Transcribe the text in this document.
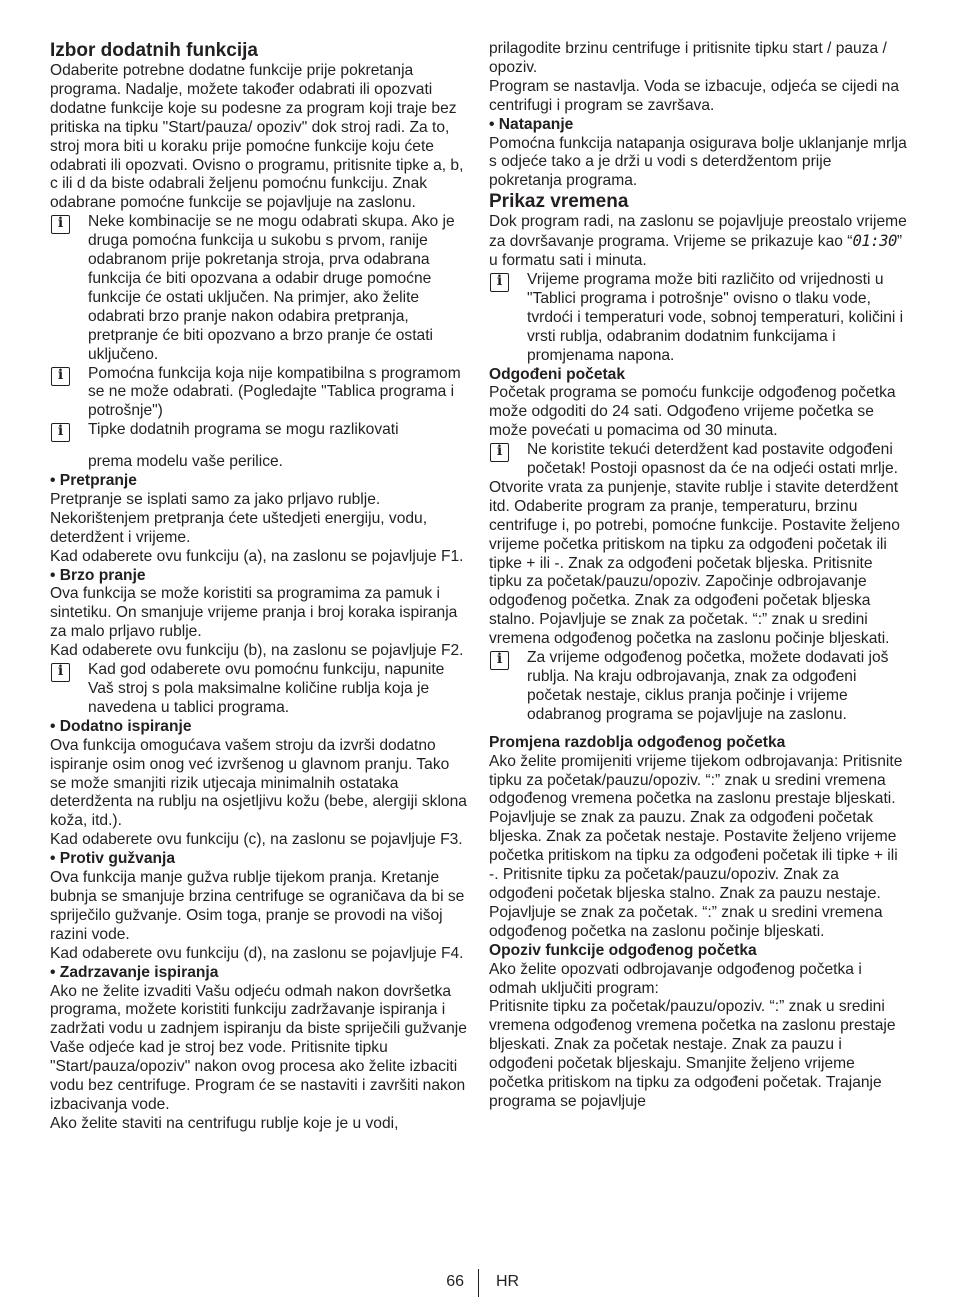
Izbor dodatnih funkcija

Odaberite potrebne dodatne funkcije prije pokretanja programa. Nadalje, možete također odabrati ili opozvati dodatne funkcije koje su podesne za program koji traje bez pritiska na tipku "Start/pauza/ opoziv" dok stroj radi. Za to, stroj mora biti u koraku prije pomoćne funkcije koju ćete odabrati ili opozvati. Ovisno o programu, pritisnite tipke a, b, c ili d da biste odabrali željenu pomoćnu funkciju. Znak odabrane pomoćne funkcije se pojavljuje na zaslonu.

i
Neke kombinacije se ne mogu odabrati skupa. Ako je druga pomoćna funkcija u sukobu s prvom, ranije odabranom prije pokretanja stroja, prva odabrana funkcija će biti opozvana a odabir druge pomoćne funkcije će ostati uključen. Na primjer, ako želite odabrati brzo pranje nakon odabira pretpranja, pretpranje će biti opozvano a brzo pranje će ostati uključeno.
i
Pomoćna funkcija koja nije kompatibilna s programom se ne može odabrati. (Pogledajte "Tablica programa i potrošnje")
i
Tipke dodatnih programa se mogu razlikovati

prema modelu vaše perilice.

• Pretpranje

Pretpranje se isplati samo za jako prljavo rublje. Nekorištenjem pretpranja ćete uštedjeti energiju, vodu, deterdžent i vrijeme.

Kad odaberete ovu funkciju (a), na zaslonu se pojavljuje F1.

• Brzo pranje

Ova funkcija se može koristiti sa programima za pamuk i sintetiku. On smanjuje vrijeme pranja i broj koraka ispiranja za malo prljavo rublje.

Kad odaberete ovu funkciju (b), na zaslonu se pojavljuje F2.

i
Kad god odaberete ovu pomoćnu funkciju, napunite Vaš stroj s pola maksimalne količine rublja koja je navedena u tablici programa.

• Dodatno ispiranje

Ova funkcija omogućava vašem stroju da izvrši dodatno ispiranje osim onog već izvršenog u glavnom pranju. Tako se može smanjiti rizik utjecaja minimalnih ostataka deterdženta na rublju na osjetljivu kožu (bebe, alergiji sklona koža, itd.).

Kad odaberete ovu funkciju (c), na zaslonu se pojavljuje F3.

• Protiv gužvanja

Ova funkcija manje gužva rublje tijekom pranja. Kretanje bubnja se smanjuje brzina centrifuge se ograničava da bi se spriječilo gužvanje. Osim toga, pranje se provodi na višoj razini vode.

Kad odaberete ovu funkciju (d), na zaslonu se pojavljuje F4.

• Zadrzavanje ispiranja

Ako ne želite izvaditi Vašu odjeću odmah nakon dovršetka programa, možete koristiti funkciju zadržavanje ispiranja i zadržati vodu u zadnjem ispiranju da biste spriječili gužvanje Vaše odjeće kad je stroj bez vode. Pritisnite tipku "Start/pauza/opoziv" nakon ovog procesa ako želite izbaciti vodu bez centrifuge. Program će se nastaviti i završiti nakon izbacivanja vode.

Ako želite staviti na centrifugu rublje koje je u vodi,

prilagodite brzinu centrifuge i pritisnite tipku start / pauza / opoziv.

Program se nastavlja. Voda se izbacuje, odjeća se cijedi na centrifugi i program se završava.

• Natapanje

Pomoćna funkcija natapanja osigurava bolje uklanjanje mrlja s odjeće tako a je drži u vodi s deterdžentom prije pokretanja programa.

Prikaz vremena

Dok program radi, na zaslonu se pojavljuje preostalo vrijeme za dovršavanje programa. Vrijeme se prikazuje kao “01:30” u formatu sati i minuta.

i
Vrijeme programa može biti različito od vrijednosti u "Tablici programa i potrošnje" ovisno o tlaku vode, tvrdoći i temperaturi vode, sobnoj temperaturi, količini i vrsti rublja, odabranim dodatnim funkcijama i promjenama napona.

Odgođeni početak

Početak programa se pomoću funkcije odgođenog početka može odgoditi do 24 sati. Odgođeno vrijeme početka se može povećati u pomacima od 30 minuta.

i
Ne koristite tekući deterdžent kad postavite odgođeni početak! Postoji opasnost da će na odjeći ostati mrlje.

Otvorite vrata za punjenje, stavite rublje i stavite deterdžent itd. Odaberite program za pranje, temperaturu, brzinu centrifuge i, po potrebi, pomoćne funkcije. Postavite željeno vrijeme početka pritiskom na tipku za odgođeni početak ili tipke + ili -. Znak za odgođeni početak bljeska. Pritisnite tipku za početak/pauzu/opoziv. Započinje odbrojavanje odgođenog početka. Znak za odgođeni početak bljeska stalno. Pojavljuje se znak za početak. “:” znak u sredini vremena odgođenog početka na zaslonu počinje bljeskati.

i
Za vrijeme odgođenog početka, možete dodavati još rublja. Na kraju odbrojavanja, znak za odgođeni početak nestaje, ciklus pranja počinje i vrijeme odabranog programa se pojavljuje na zaslonu.

Promjena razdoblja odgođenog početka

Ako želite promijeniti vrijeme tijekom odbrojavanja: Pritisnite tipku za početak/pauzu/opoziv. “:” znak u sredini vremena odgođenog vremena početka na zaslonu prestaje bljeskati. Pojavljuje se znak za pauzu. Znak za odgođeni početak bljeska. Znak za početak nestaje. Postavite željeno vrijeme početka pritiskom na tipku za odgođeni početak ili tipke + ili -. Pritisnite tipku za početak/pauzu/opoziv. Znak za odgođeni početak bljeska stalno. Znak za pauzu nestaje. Pojavljuje se znak za početak. “:” znak u sredini vremena odgođenog početka na zaslonu počinje bljeskati.

Opoziv funkcije odgođenog početka

Ako želite opozvati odbrojavanje odgođenog početka i odmah uključiti program:

Pritisnite tipku za početak/pauzu/opoziv. “:” znak u sredini vremena odgođenog vremena početka na zaslonu prestaje bljeskati. Znak za početak nestaje. Znak za pauzu i odgođeni početak bljeskaju. Smanjite željeno vrijeme početka pritiskom na tipku za odgođeni početak. Trajanje programa se pojavljuje

66 HR
